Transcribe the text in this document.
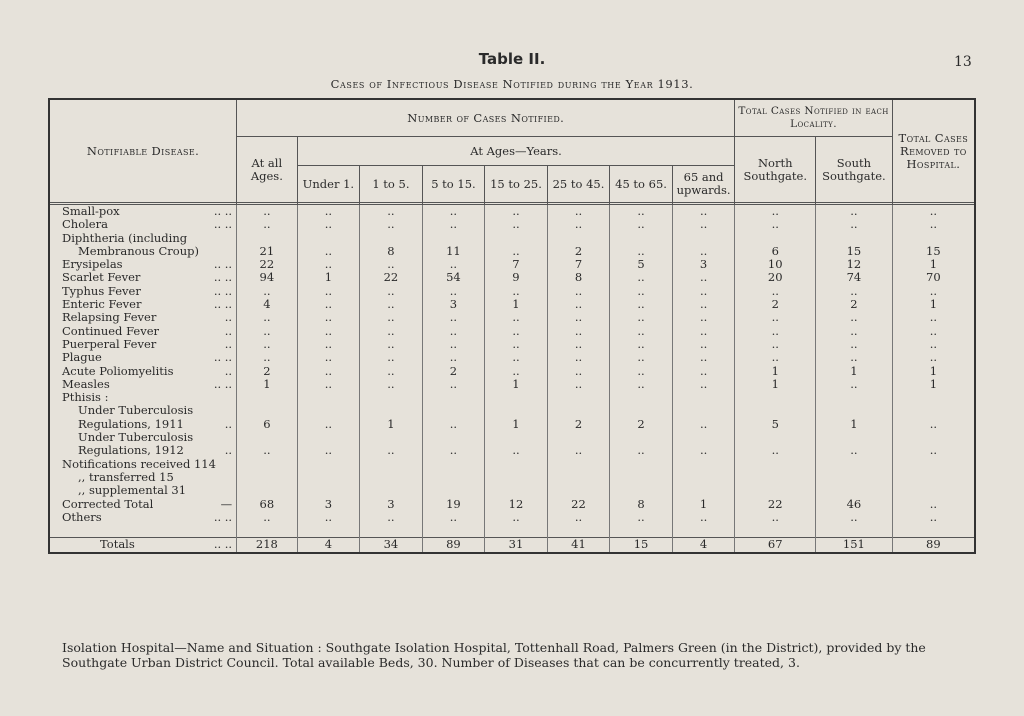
Table II.	13
Cases of Infectious Disease Notified during the Year 1913.
Notifiable Disease.	Number of Cases Notified.								Total Cases Notified in each Locality.		Total Cases Removed to Hospital.
	At all Ages.	At Ages—Years.							North Southgate.	South Southgate.	
		Under 1.	1 to 5.	5 to 15.	15 to 25.	25 to 45.	45 to 65.	65 and upwards.			

Small-pox .. ..	..	..	..	..	..	..	..	..	..	..	..
Cholera .. ..	..	..	..	..	..	..	..	..	..	..	..
Diphtheria (including											
Membranous Croup)	21	..	8	11	..	2	..	..	6	15	15
Erysipelas .. ..	22	..	..	..	7	7	5	3	10	12	1
Scarlet Fever .. ..	94	1	22	54	9	8	..	..	20	74	70
Typhus Fever .. ..	..	..	..	..	..	..	..	..	..	..	..
Enteric Fever .. ..	4	..	..	3	1	..	..	..	2	2	1
Relapsing Fever ..	..	..	..	..	..	..	..	..	..	..	..
Continued Fever ..	..	..	..	..	..	..	..	..	..	..	..
Puerperal Fever ..	..	..	..	..	..	..	..	..	..	..	..
Plague .. ..	..	..	..	..	..	..	..	..	..	..	..
Acute Poliomyelitis ..	2	..	..	2	..	..	..	..	1	1	1
Measles .. ..	1	..	..	..	1	..	..	..	1	..	1
Pthisis :											
Under Tuberculosis											
Regulations, 1911 ..	6	..	1	..	1	2	2	..	5	1	..
Under Tuberculosis											
Regulations, 1912 ..	..	..	..	..	..	..	..	..	..	..	..
Notifications received 114											
,, transferred 15											
,, supplemental 31											
Corrected Total —	68	3	3	19	12	22	8	1	22	46	..
Others .. ..	..	..	..	..	..	..	..	..	..	..	..

Totals .. ..	218	4	34	89	31	41	15	4	67	151	89
Isolation Hospital—Name and Situation : Southgate Isolation Hospital, Tottenhall Road, Palmers Green (in the District), provided by the Southgate Urban District Council. Total available Beds, 30. Number of Diseases that can be concurrently treated, 3.
